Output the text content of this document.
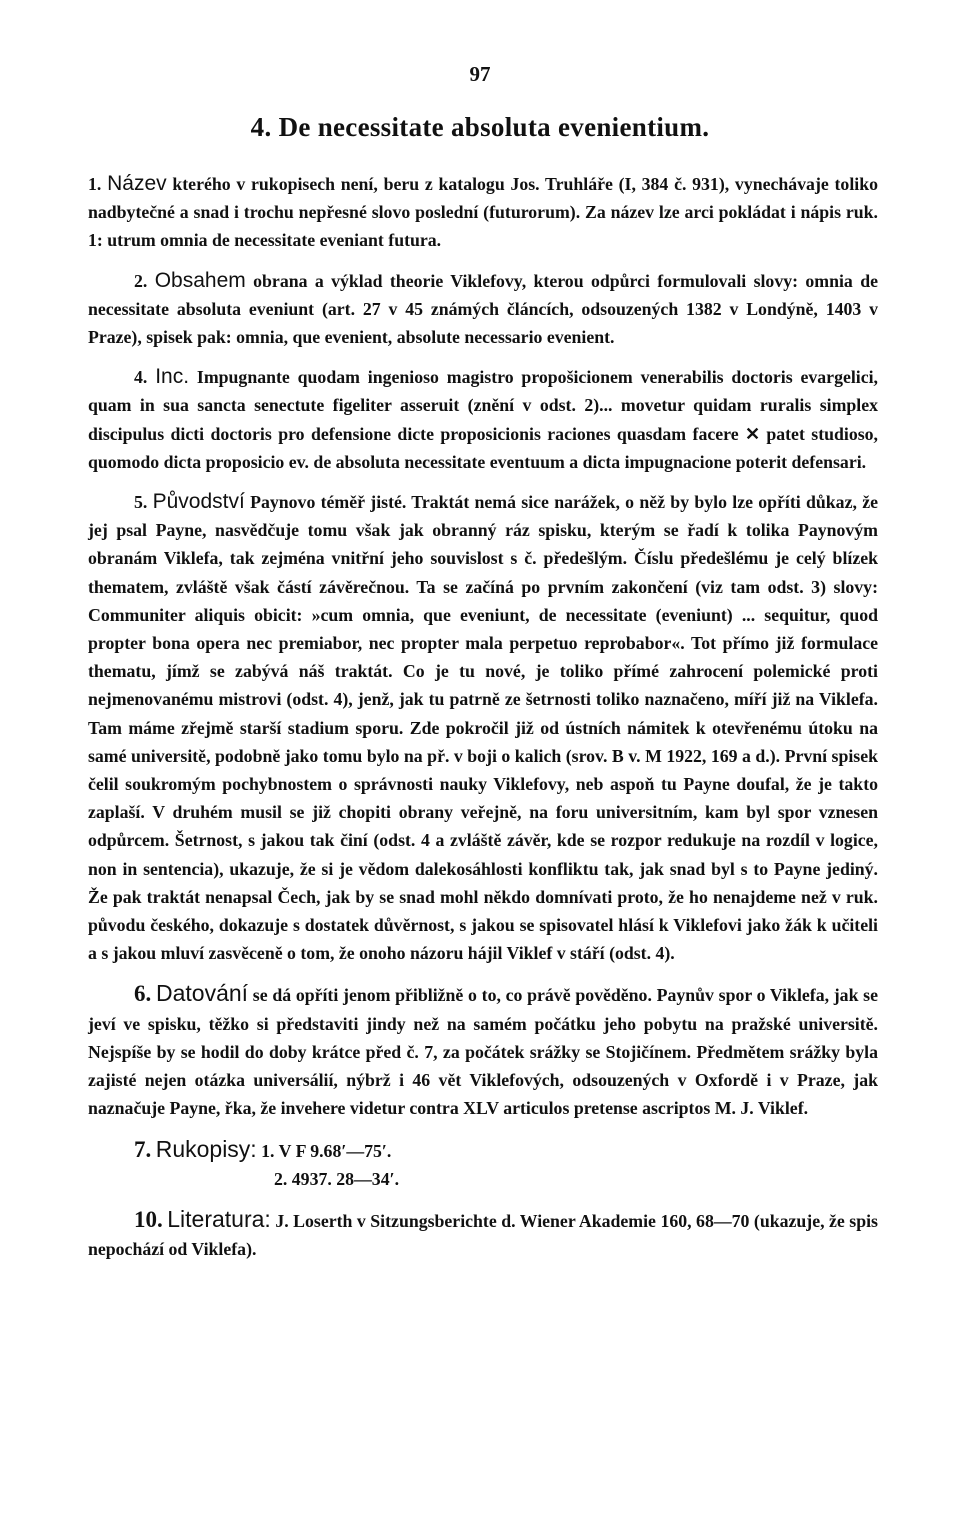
97
4. De necessitate absoluta evenientium.

1. Název kterého v rukopisech není, beru z katalogu Jos. Truhláře (I, 384 č. 931), vynechávaje toliko nadbytečné a snad i trochu nepřesné slovo poslední (futurorum). Za název lze arci pokládat i nápis ruk. 1: utrum omnia de necessitate eveniant futura.

2. Obsahem obrana a výklad theorie Viklefovy, kterou odpůrci formulovali slovy: omnia de necessitate absoluta eveniunt (art. 27 v 45 známých článcích, odsouzených 1382 v Londýně, 1403 v Praze), spisek pak: omnia, que evenient, absolute necessario evenient.

4. Inc. Impugnante quodam ingenioso magistro propošicionem venerabilis doctoris evargelici, quam in sua sancta senectute figeliter asseruit (znění v odst. 2)... movetur quidam ruralis simplex discipulus dicti doctoris pro defensione dicte proposicionis raciones quasdam facere ✕ patet studioso, quomodo dicta proposicio ev. de absoluta necessitate eventuum a dicta impugnacione poterit defensari.

5. Původství Paynovo téměř jisté. Traktát nemá sice narážek, o něž by bylo lze opříti důkaz, že jej psal Payne, nasvědčuje tomu však jak obranný ráz spisku, kterým se řadí k tolika Paynovým obranám Viklefa, tak zejména vnitřní jeho souvislost s č. předešlým. Číslu předešlému je celý blízek thematem, zvláště však částí závěrečnou. Ta se začíná po prvním zakončení (viz tam odst. 3) slovy: Communiter aliquis obicit: »cum omnia, que eveniunt, de necessitate (eveniunt) ... sequitur, quod propter bona opera nec premiabor, nec propter mala perpetuo reprobabor«. Tot přímo již formulace thematu, jímž se zabývá náš traktát. Co je tu nové, je toliko přímé zahrocení polemické proti nejmenovanému mistrovi (odst. 4), jenž, jak tu patrně ze šetrnosti toliko naznačeno, míří již na Viklefa. Tam máme zřejmě starší stadium sporu. Zde pokročil již od ústních námitek k otevřenému útoku na samé universitě, podobně jako tomu bylo na př. v boji o kalich (srov. B v. M 1922, 169 a d.). První spisek čelil soukromým pochybnostem o správnosti nauky Viklefovy, neb aspoň tu Payne doufal, že je takto zaplaší. V druhém musil se již chopiti obrany veřejně, na foru universitním, kam byl spor vznesen odpůrcem. Šetrnost, s jakou tak činí (odst. 4 a zvláště závěr, kde se rozpor redukuje na rozdíl v logice, non in sentencia), ukazuje, že si je vědom dalekosáhlosti konfliktu tak, jak snad byl s to Payne jediný. Že pak traktát nenapsal Čech, jak by se snad mohl někdo domnívati proto, že ho nenajdeme než v ruk. původu českého, dokazuje s dostatek důvěrnost, s jakou se spisovatel hlásí k Viklefovi jako žák k učiteli a s jakou mluví zasvěceně o tom, že onoho názoru hájil Viklef v stáří (odst. 4).

6. Datování se dá opříti jenom přibližně o to, co právě pověděno. Paynův spor o Viklefa, jak se jeví ve spisku, těžko si představiti jindy než na samém počátku jeho pobytu na pražské universitě. Nejspíše by se hodil do doby krátce před č. 7, za počátek srážky se Stojičínem. Předmětem srážky byla zajisté nejen otázka universálií, nýbrž i 46 vět Viklefových, odsouzených v Oxfordě i v Praze, jak naznačuje Payne, řka, že invehere videtur contra XLV articulos pretense ascriptos M. J. Viklef.

7. Rukopisy: 1. V F 9.68′—75′.

2. 4937. 28—34′.

10. Literatura: J. Loserth v Sitzungsberichte d. Wiener Akademie 160, 68—70 (ukazuje, že spis nepochází od Viklefa).
